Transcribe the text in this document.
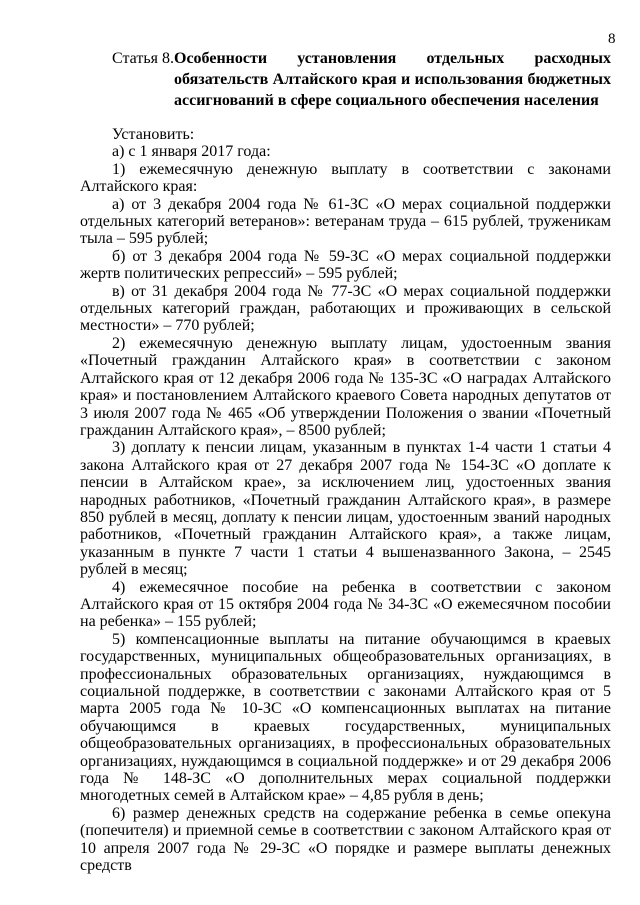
8
Статья 8. Особенности установления отдельных расходных обязательств Алтайского края и использования бюджетных ассигнований в сфере социального обеспечения населения

Установить:

а) с 1 января 2017 года:

1) ежемесячную денежную выплату в соответствии с законами Алтайского края:

а) от 3 декабря 2004 года № 61-ЗС «О мерах социальной поддержки отдельных категорий ветеранов»: ветеранам труда – 615 рублей, труженикам тыла – 595 рублей;

б) от 3 декабря 2004 года № 59-ЗС «О мерах социальной поддержки жертв политических репрессий» – 595 рублей;

в) от 31 декабря 2004 года № 77-ЗС «О мерах социальной поддержки отдельных категорий граждан, работающих и проживающих в сельской местности» – 770 рублей;

2) ежемесячную денежную выплату лицам, удостоенным звания «Почетный гражданин Алтайского края» в соответствии с законом Алтайского края от 12 декабря 2006 года № 135-ЗС «О наградах Алтайского края» и постановлением Алтайского краевого Совета народных депутатов от 3 июля 2007 года № 465 «Об утверждении Положения о звании «Почетный гражданин Алтайского края», – 8500 рублей;

3) доплату к пенсии лицам, указанным в пунктах 1-4 части 1 статьи 4 закона Алтайского края от 27 декабря 2007 года № 154-ЗС «О доплате к пенсии в Алтайском крае», за исключением лиц, удостоенных звания народных работников, «Почетный гражданин Алтайского края», в размере 850 рублей в месяц, доплату к пенсии лицам, удостоенным званий народных работников, «Почетный гражданин Алтайского края», а также лицам, указанным в пункте 7 части 1 статьи 4 вышеназванного Закона, – 2545 рублей в месяц;

4) ежемесячное пособие на ребенка в соответствии с законом Алтайского края от 15 октября 2004 года № 34-ЗС «О ежемесячном пособии на ребенка» – 155 рублей;

5) компенсационные выплаты на питание обучающимся в краевых государственных, муниципальных общеобразовательных организациях, в профессиональных образовательных организациях, нуждающимся в социальной поддержке, в соответствии с законами Алтайского края от 5 марта 2005 года № 10-ЗС «О компенсационных выплатах на питание обучающимся в краевых государственных, муниципальных общеобразовательных организациях, в профессиональных образовательных организациях, нуждающимся в социальной поддержке» и от 29 декабря 2006 года № 148-ЗС «О дополнительных мерах социальной поддержки многодетных семей в Алтайском крае» – 4,85 рубля в день;

6) размер денежных средств на содержание ребенка в семье опекуна (попечителя) и приемной семье в соответствии с законом Алтайского края от 10 апреля 2007 года № 29-ЗС «О порядке и размере выплаты денежных средств
